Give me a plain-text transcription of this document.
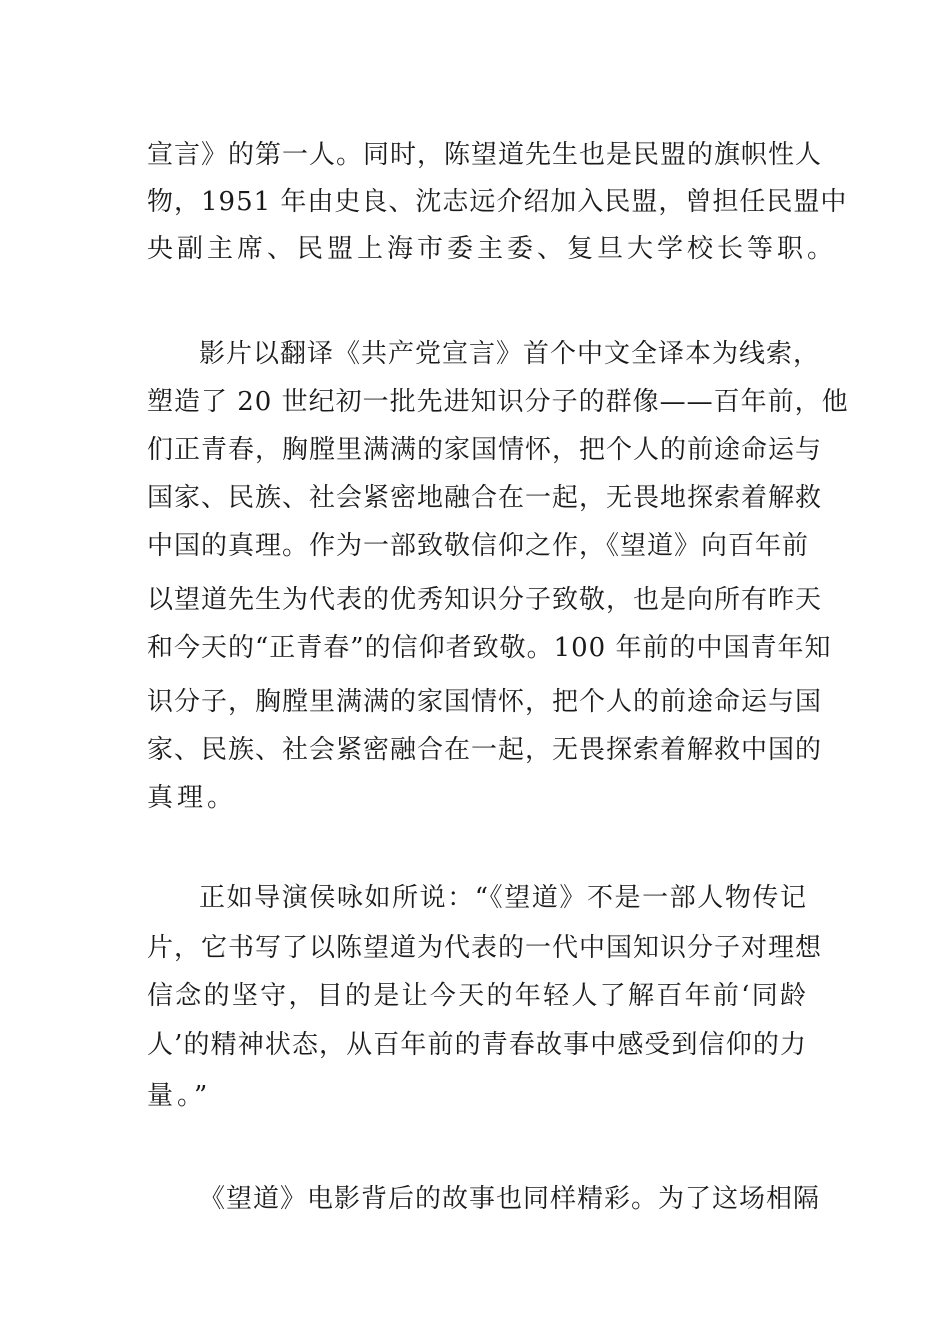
宣言》的第一人。同时，陈望道先生也是民盟的旗帜性人
物，1951 年由史良、沈志远介绍加入民盟，曾担任民盟中
央副主席、民盟上海市委主委、复旦大学校长等职。
影片以翻译《共产党宣言》首个中文全译本为线索，
塑造了 20 世纪初一批先进知识分子的群像——百年前，他
们正青春，胸膛里满满的家国情怀，把个人的前途命运与
国家、民族、社会紧密地融合在一起，无畏地探索着解救
中国的真理。作为一部致敬信仰之作，《望道》向百年前
以望道先生为代表的优秀知识分子致敬，也是向所有昨天
和今天的“正青春”的信仰者致敬。100 年前的中国青年知
识分子，胸膛里满满的家国情怀，把个人的前途命运与国
家、民族、社会紧密融合在一起，无畏探索着解救中国的
真理。
正如导演侯咏如所说：“《望道》不是一部人物传记
片，它书写了以陈望道为代表的一代中国知识分子对理想
信念的坚守，目的是让今天的年轻人了解百年前‘同龄
人’的精神状态，从百年前的青春故事中感受到信仰的力
量。”
《望道》电影背后的故事也同样精彩。为了这场相隔
